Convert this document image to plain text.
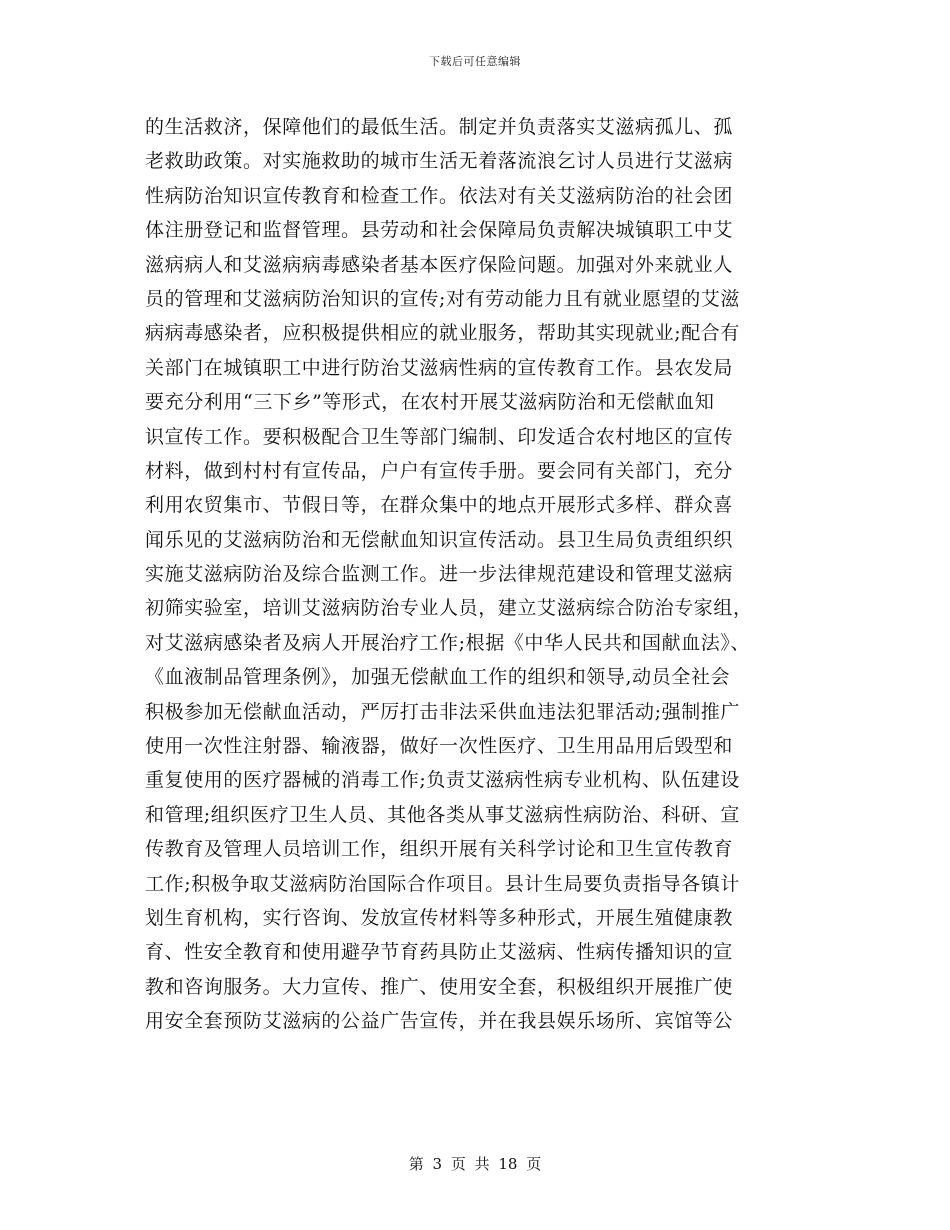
下载后可任意编辑
的生活救济，保障他们的最低生活。制定并负责落实艾滋病孤儿、孤
老救助政策。对实施救助的城市生活无着落流浪乞讨人员进行艾滋病
性病防治知识宣传教育和检查工作。依法对有关艾滋病防治的社会团
体注册登记和监督管理。县劳动和社会保障局负责解决城镇职工中艾
滋病病人和艾滋病病毒感染者基本医疗保险问题。加强对外来就业人
员的管理和艾滋病防治知识的宣传;对有劳动能力且有就业愿望的艾滋
病病毒感染者，应积极提供相应的就业服务，帮助其实现就业;配合有
关部门在城镇职工中进行防治艾滋病性病的宣传教育工作。县农发局
要充分利用“三下乡”等形式，在农村开展艾滋病防治和无偿献血知
识宣传工作。要积极配合卫生等部门编制、印发适合农村地区的宣传
材料，做到村村有宣传品，户户有宣传手册。要会同有关部门，充分
利用农贸集市、节假日等，在群众集中的地点开展形式多样、群众喜
闻乐见的艾滋病防治和无偿献血知识宣传活动。县卫生局负责组织织
实施艾滋病防治及综合监测工作。进一步法律规范建设和管理艾滋病
初筛实验室，培训艾滋病防治专业人员，建立艾滋病综合防治专家组，
对艾滋病感染者及病人开展治疗工作;根据《中华人民共和国献血法》、
《血液制品管理条例》，加强无偿献血工作的组织和领导,动员全社会
积极参加无偿献血活动，严厉打击非法采供血违法犯罪活动;强制推广
使用一次性注射器、输液器，做好一次性医疗、卫生用品用后毁型和
重复使用的医疗器械的消毒工作;负责艾滋病性病专业机构、队伍建设
和管理;组织医疗卫生人员、其他各类从事艾滋病性病防治、科研、宣
传教育及管理人员培训工作，组织开展有关科学讨论和卫生宣传教育
工作;积极争取艾滋病防治国际合作项目。县计生局要负责指导各镇计
划生育机构，实行咨询、发放宣传材料等多种形式，开展生殖健康教
育、性安全教育和使用避孕节育药具防止艾滋病、性病传播知识的宣
教和咨询服务。大力宣传、推广、使用安全套，积极组织开展推广使
用安全套预防艾滋病的公益广告宣传，并在我县娱乐场所、宾馆等公
第 3 页 共 18 页
